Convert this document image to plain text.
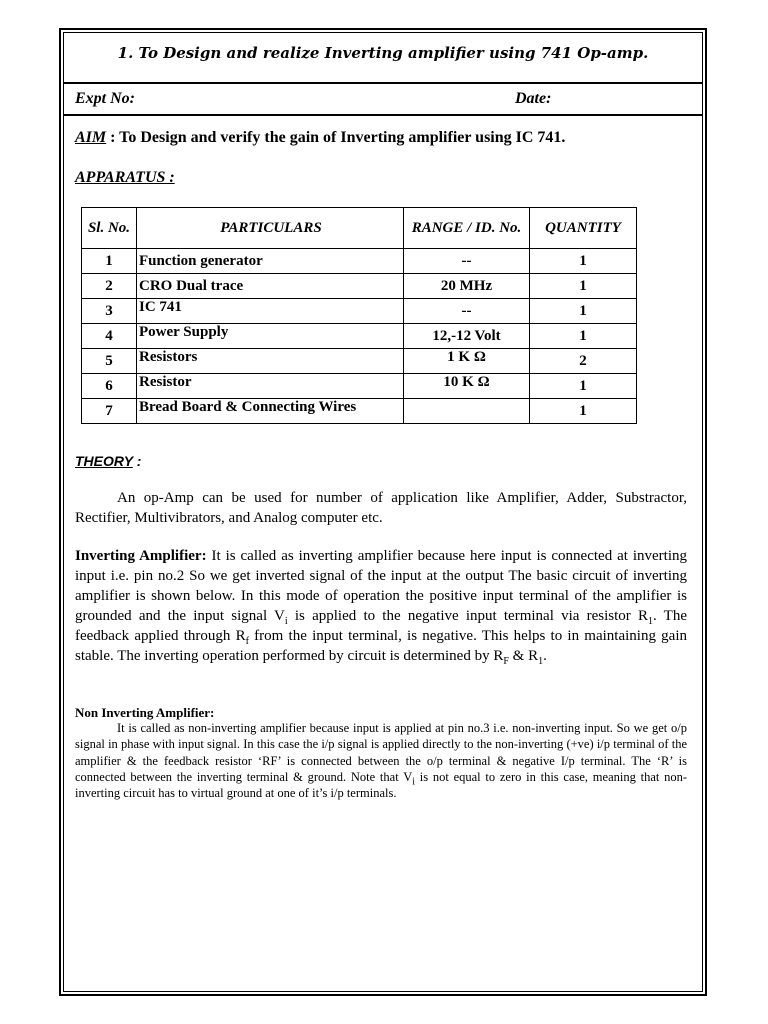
1. To Design and realize Inverting amplifier using 741 Op-amp.
Expt No:	Date:
AIM : To Design and verify the gain of Inverting amplifier using IC 741.
APPARATUS :
Sl. No.	PARTICULARS	RANGE / ID. No.	QUANTITY
1	Function generator	--	1
2	CRO Dual trace	20 MHz	1
3	IC 741	--	1
4	Power Supply	12,-12 Volt	1
5	Resistors	1 K Ω	2
6	Resistor	10 K Ω	1
7	Bread Board & Connecting Wires		1
THEORY :
An op-Amp can be used for number of application like Amplifier, Adder, Substractor, Rectifier, Multivibrators, and Analog computer etc.
Inverting Amplifier: It is called as inverting amplifier because here input is connected at inverting input i.e. pin no.2 So we get inverted signal of the input at the output The basic circuit of inverting amplifier is shown below. In this mode of operation the positive input terminal of the amplifier is grounded and the input signal $V_i$ is applied to the negative input terminal via resistor $R_1$. The feedback applied through $R_f$ from the input terminal, is negative. This helps to in maintaining gain stable. The inverting operation performed by circuit is determined by $R_F$ & $R_1$.
Non Inverting Amplifier:
It is called as non-inverting amplifier because input is applied at pin no.3 i.e. non-inverting input. So we get o/p signal in phase with input signal. In this case the i/p signal is applied directly to the non-inverting (+ve) i/p terminal of the amplifier & the feedback resistor ‘RF’ is connected between the o/p terminal & negative I/p terminal. The ‘R’ is connected between the inverting terminal & ground. Note that $V_i$ is not equal to zero in this case, meaning that non-inverting circuit has to virtual ground at one of it’s i/p terminals.
